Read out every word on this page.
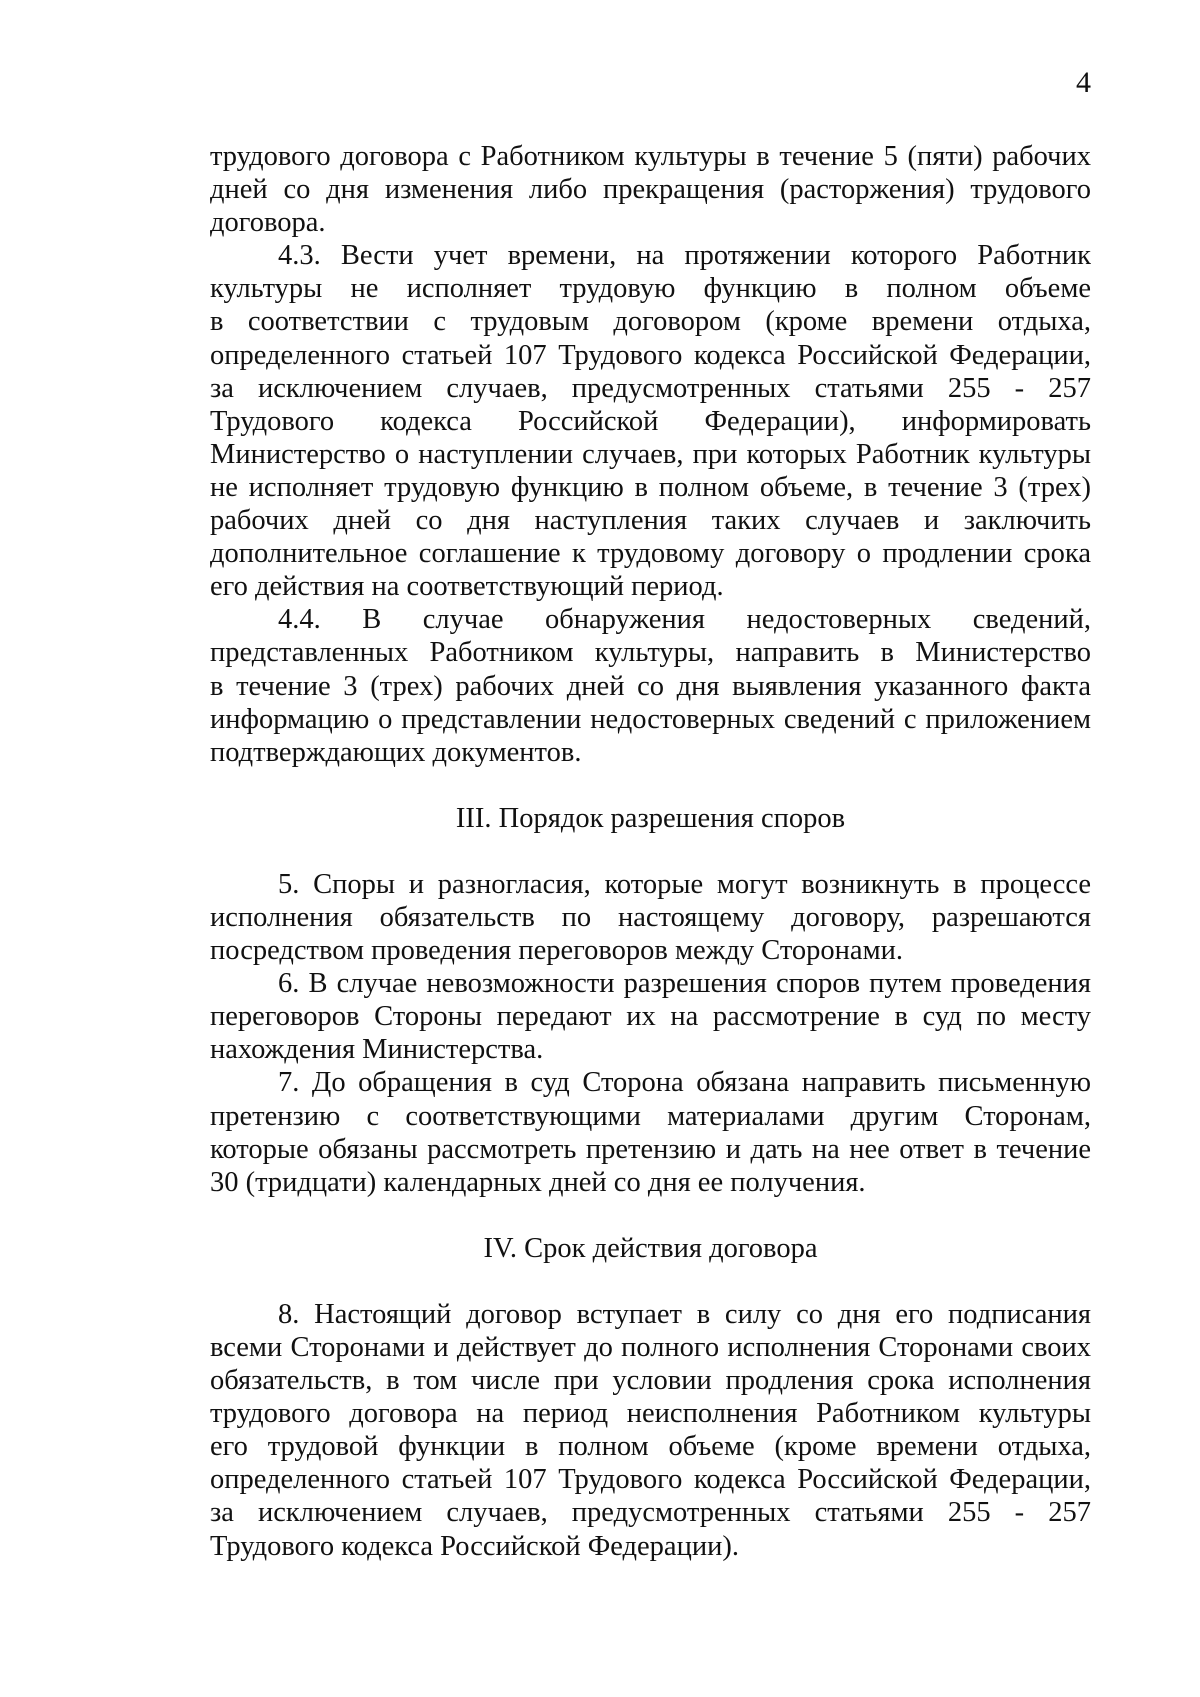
4

трудового договора с Работником культуры в течение 5 (пяти) рабочих

дней со дня изменения либо прекращения (расторжения) трудового

договора.

4.3. Вести учет времени, на протяжении которого Работник

культуры не исполняет трудовую функцию в полном объеме

в соответствии с трудовым договором (кроме времени отдыха,

определенного статьей 107 Трудового кодекса Российской Федерации,

за исключением случаев, предусмотренных статьями 255 - 257

Трудового кодекса Российской Федерации), информировать

Министерство о наступлении случаев, при которых Работник культуры

не исполняет трудовую функцию в полном объеме, в течение 3 (трех)

рабочих дней со дня наступления таких случаев и заключить

дополнительное соглашение к трудовому договору о продлении срока

его действия на соответствующий период.

4.4. В случае обнаружения недостоверных сведений,

представленных Работником культуры, направить в Министерство

в течение 3 (трех) рабочих дней со дня выявления указанного факта

информацию о представлении недостоверных сведений с приложением

подтверждающих документов.

III. Порядок разрешения споров

5. Споры и разногласия, которые могут возникнуть в процессе

исполнения обязательств по настоящему договору, разрешаются

посредством проведения переговоров между Сторонами.

6. В случае невозможности разрешения споров путем проведения

переговоров Стороны передают их на рассмотрение в суд по месту

нахождения Министерства.

7. До обращения в суд Сторона обязана направить письменную

претензию с соответствующими материалами другим Сторонам,

которые обязаны рассмотреть претензию и дать на нее ответ в течение

30 (тридцати) календарных дней со дня ее получения.

IV. Срок действия договора

8. Настоящий договор вступает в силу со дня его подписания

всеми Сторонами и действует до полного исполнения Сторонами своих

обязательств, в том числе при условии продления срока исполнения

трудового договора на период неисполнения Работником культуры

его трудовой функции в полном объеме (кроме времени отдыха,

определенного статьей 107 Трудового кодекса Российской Федерации,

за исключением случаев, предусмотренных статьями 255 - 257

Трудового кодекса Российской Федерации).
